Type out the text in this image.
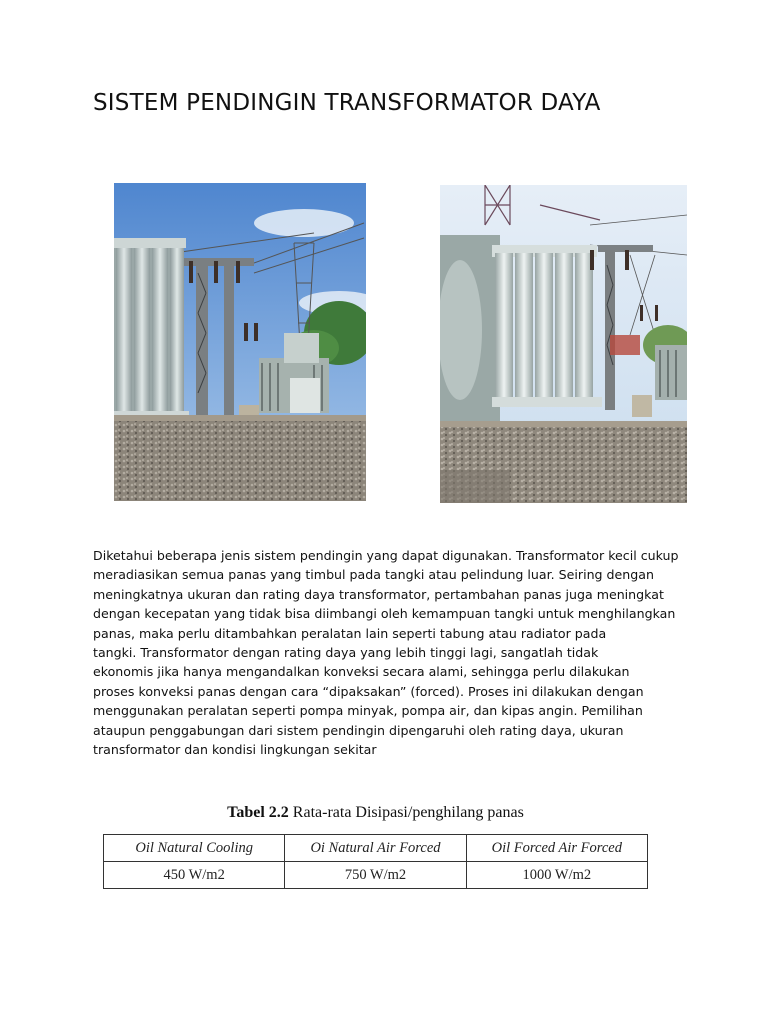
SISTEM PENDINGIN TRANSFORMATOR DAYA

Diketahui beberapa jenis sistem pendingin yang dapat digunakan. Transformator kecil cukup
meradiasikan semua panas yang timbul pada tangki atau pelindung luar. Seiring dengan
meningkatnya ukuran dan rating daya transformator, pertambahan panas juga meningkat
dengan kecepatan yang tidak bisa diimbangi oleh kemampuan tangki untuk menghilangkan
panas, maka perlu ditambahkan peralatan lain seperti tabung atau radiator pada
tangki. Transformator dengan rating daya yang lebih tinggi lagi, sangatlah tidak
ekonomis jika hanya mengandalkan konveksi secara alami, sehingga perlu dilakukan
proses konveksi panas dengan cara “dipaksakan” (forced). Proses ini dilakukan dengan
menggunakan peralatan seperti pompa minyak, pompa air, dan kipas angin. Pemilihan
ataupun penggabungan dari sistem pendingin dipengaruhi oleh rating daya, ukuran
transformator dan kondisi lingkungan sekitar

Tabel 2.2 Rata-rata Disipasi/penghilang panas

Oil Natural Cooling	Oi Natural Air Forced	Oil Forced Air Forced
450 W/m2	750 W/m2	1000 W/m2
